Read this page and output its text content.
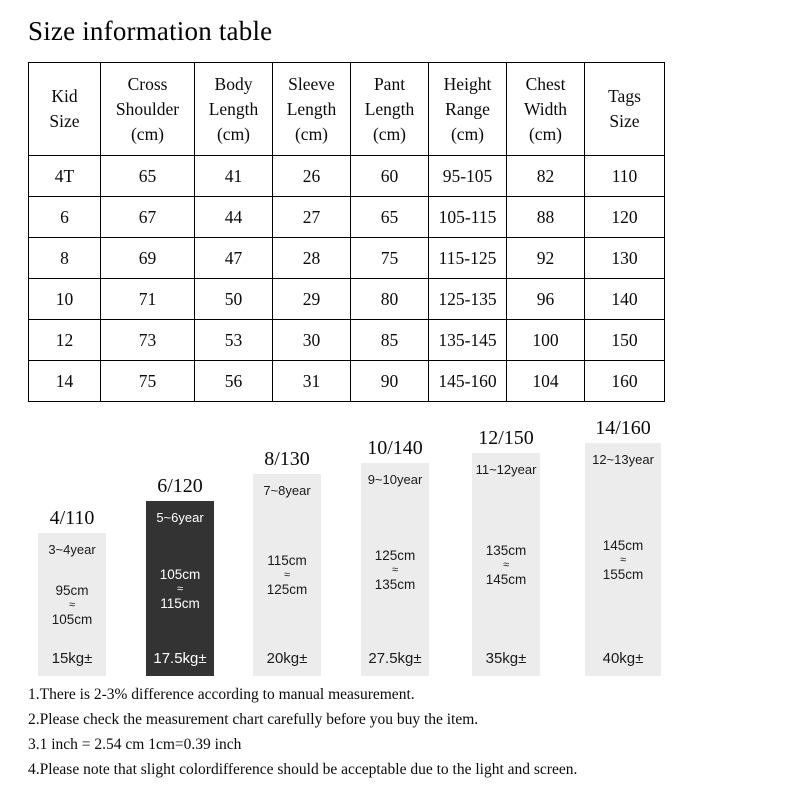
Size information table
Kid
Size	Cross
Shoulder
(cm)	Body
Length
(cm)	Sleeve
Length
(cm)	Pant
Length
(cm)	Height
Range
(cm)	Chest
Width
(cm)	Tags
Size

4T	65	41	26	60	95-105	82	110
6	67	44	27	65	105-115	88	120
8	69	47	28	75	115-125	92	130
10	71	50	29	80	125-135	96	140
12	73	53	30	85	135-145	100	150
14	75	56	31	90	145-160	104	160
4/110
3~4year
95cm
≈
105cm
15kg±
6/120
5~6year
105cm
≈
115cm
17.5kg±
8/130
7~8year
115cm
≈
125cm
20kg±
10/140
9~10year
125cm
≈
135cm
27.5kg±
12/150
11~12year
135cm
≈
145cm
35kg±
14/160
12~13year
145cm
≈
155cm
40kg±
1.There is 2-3% difference according to manual measurement.
2.Please check the measurement chart carefully before you buy the item.
3.1 inch = 2.54 cm 1cm=0.39 inch
4.Please note that slight colordifference should be acceptable due to the light and screen.
